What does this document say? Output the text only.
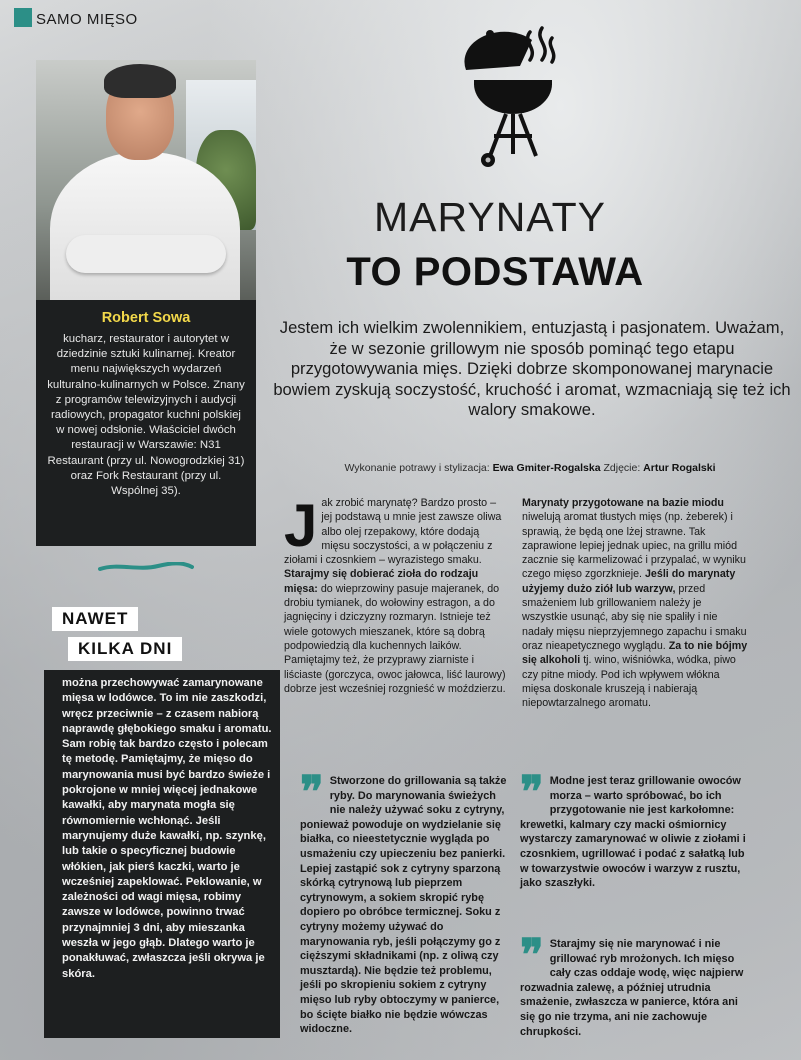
SAMO MIĘSO
Robert Sowa

kucharz, restaurator i autorytet w dziedzinie sztuki kulinarnej. Kreator menu największych wydarzeń kulturalno-kulinarnych w Polsce. Znany z programów telewizyjnych i audycji radiowych, propagator kuchni polskiej w nowej odsłonie. Właściciel dwóch restauracji w Warszawie: N31 Restaurant (przy ul. Nowogrodzkiej 31) oraz Fork Restaurant (przy ul. Wspólnej 35).

MARYNATY
TO PODSTAWA

Jestem ich wielkim zwolennikiem, entuzjastą i pasjonatem. Uważam, że w sezonie grillowym nie sposób pominąć tego etapu przygotowywania mięs. Dzięki dobrze skomponowanej marynacie bowiem zyskują soczystość, kruchość i aromat, wzmacniają się też ich walory smakowe.

Wykonanie potrawy i stylizacja: Ewa Gmiter-Rogalska Zdjęcie: Artur Rogalski
NAWET
KILKA DNI

można przechowywać zamarynowane mięsa w lodówce. To im nie zaszkodzi, wręcz przeciwnie – z czasem nabiorą naprawdę głębokiego smaku i aromatu. Sam robię tak bardzo często i polecam tę metodę. Pamiętajmy, że mięso do marynowania musi być bardzo świeże i pokrojone w mniej więcej jednakowe kawałki, aby marynata mogła się równomiernie wchłonąć. Jeśli marynujemy duże kawałki, np. szynkę, lub takie o specyficznej budowie włókien, jak pierś kaczki, warto je wcześniej zapeklować. Peklowanie, w zależności od wagi mięsa, robimy zawsze w lodówce, powinno trwać przynajmniej 3 dni, aby mieszanka weszła w jego głąb. Dlatego warto je ponakłuwać, zwłaszcza jeśli okrywa je skóra.

J ak zrobić marynatę? Bardzo prosto – jej podstawą u mnie jest zawsze oliwa albo olej rzepakowy, które dodają mięsu soczystości, a w połączeniu z ziołami i czosnkiem – wyrazistego smaku. Starajmy się dobierać zioła do rodzaju mięsa: do wieprzowiny pasuje majeranek, do drobiu tymianek, do wołowiny estragon, a do jagnięciny i dziczyzny rozmaryn. Istnieje też wiele gotowych mieszanek, które są dobrą podpowiedzią dla kuchennych laików. Pamiętajmy też, że przyprawy ziarniste i liściaste (gorczyca, owoc jałowca, liść laurowy) dobrze jest wcześniej rozgnieść w moździerzu.
Marynaty przygotowane na bazie miodu niwelują aromat tłustych mięs (np. żeberek) i sprawią, że będą one lżej strawne. Tak zaprawione lepiej jednak upiec, na grillu miód zacznie się karmelizować i przypalać, w wyniku czego mięso zgorzknieje. Jeśli do marynaty użyjemy dużo ziół lub warzyw, przed smażeniem lub grillowaniem należy je wszystkie usunąć, aby się nie spaliły i nie nadały mięsu nieprzyjemnego zapachu i smaku oraz nieapetycznego wyglądu. Za to nie bójmy się alkoholi tj. wino, wiśniówka, wódka, piwo czy pitne miody. Pod ich wpływem włókna mięsa doskonale kruszeją i nabierają niepowtarzalnego aromatu.
❞ Stworzone do grillowania są także ryby. Do marynowania świeżych nie należy używać soku z cytryny, ponieważ powoduje on wydzielanie się białka, co nieestetycznie wygląda po usmażeniu czy upieczeniu bez panierki. Lepiej zastąpić sok z cytryny sparzoną skórką cytrynową lub pieprzem cytrynowym, a sokiem skropić rybę dopiero po obróbce termicznej. Soku z cytryny możemy używać do marynowania ryb, jeśli połączymy go z cięższymi składnikami (np. z oliwą czy musztardą). Nie będzie też problemu, jeśli po skropieniu sokiem z cytryny mięso lub ryby obtoczymy w panierce, bo ścięte białko nie będzie wówczas widoczne.
❞ Modne jest teraz grillowanie owoców morza – warto spróbować, bo ich przygotowanie nie jest karkołomne: krewetki, kalmary czy macki ośmiornicy wystarczy zamarynować w oliwie z ziołami i czosnkiem, ugrillować i podać z sałatką lub w towarzystwie owoców i warzyw z rusztu, jako szaszłyki.
❞ Starajmy się nie marynować i nie grillować ryb mrożonych. Ich mięso cały czas oddaje wodę, więc najpierw rozwadnia zalewę, a później utrudnia smażenie, zwłaszcza w panierce, która ani się go nie trzyma, ani nie zachowuje chrupkości.
